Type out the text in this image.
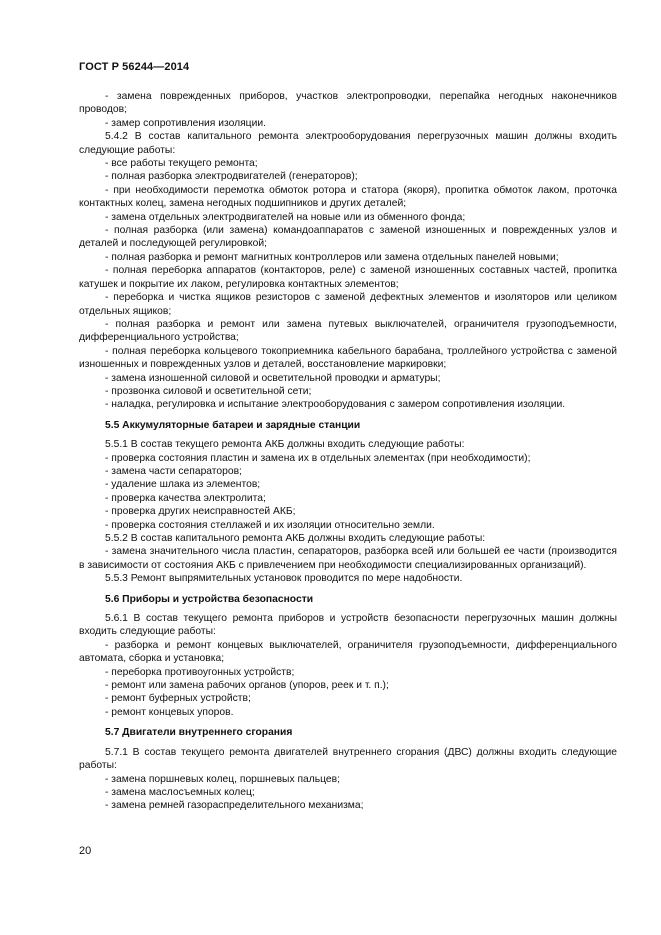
ГОСТ Р 56244—2014

- замена поврежденных приборов, участков электропроводки, перепайка негодных наконечников проводов;

- замер сопротивления изоляции.

5.4.2 В состав капитального ремонта электрооборудования перегрузочных машин должны входить следующие работы:

- все работы текущего ремонта;

- полная разборка электродвигателей (генераторов);

- при необходимости перемотка обмоток ротора и статора (якоря), пропитка обмоток лаком, проточка контактных колец, замена негодных подшипников и других деталей;

- замена отдельных электродвигателей на новые или из обменного фонда;

- полная разборка (или замена) командоаппаратов с заменой изношенных и поврежденных узлов и деталей и последующей регулировкой;

- полная разборка и ремонт магнитных контроллеров или замена отдельных панелей новыми;

- полная переборка аппаратов (контакторов, реле) с заменой изношенных составных частей, пропитка катушек и покрытие их лаком, регулировка контактных элементов;

- переборка и чистка ящиков резисторов с заменой дефектных элементов и изоляторов или целиком отдельных ящиков;

- полная разборка и ремонт или замена путевых выключателей, ограничителя грузоподъемности, дифференциального устройства;

- полная переборка кольцевого токоприемника кабельного барабана, троллейного устройства с заменой изношенных и поврежденных узлов и деталей, восстановление маркировки;

- замена изношенной силовой и осветительной проводки и арматуры;

- прозвонка силовой и осветительной сети;

- наладка, регулировка и испытание электрооборудования с замером сопротивления изоляции.

5.5 Аккумуляторные батареи и зарядные станции

5.5.1 В состав текущего ремонта АКБ должны входить следующие работы:

- проверка состояния пластин и замена их в отдельных элементах (при необходимости);

- замена части сепараторов;

- удаление шлака из элементов;

- проверка качества электролита;

- проверка других неисправностей АКБ;

- проверка состояния стеллажей и их изоляции относительно земли.

5.5.2 В состав капитального ремонта АКБ должны входить следующие работы:

- замена значительного числа пластин, сепараторов, разборка всей или большей ее части (производится в зависимости от состояния АКБ с привлечением при необходимости специализированных организаций).

5.5.3 Ремонт выпрямительных установок проводится по мере надобности.

5.6 Приборы и устройства безопасности

5.6.1 В состав текущего ремонта приборов и устройств безопасности перегрузочных машин должны входить следующие работы:

- разборка и ремонт концевых выключателей, ограничителя грузоподъемности, дифференциального автомата, сборка и установка;

- переборка противоугонных устройств;

- ремонт или замена рабочих органов (упоров, реек и т. п.);

- ремонт буферных устройств;

- ремонт концевых упоров.

5.7 Двигатели внутреннего сгорания

5.7.1 В состав текущего ремонта двигателей внутреннего сгорания (ДВС) должны входить следующие работы:

- замена поршневых колец, поршневых пальцев;

- замена маслосъемных колец;

- замена ремней газораспределительного механизма;

20
